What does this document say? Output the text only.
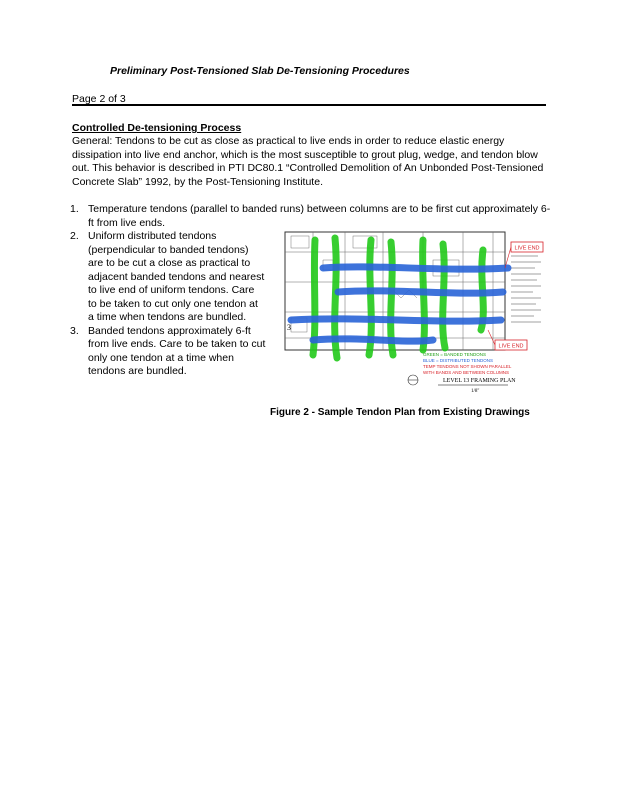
Preliminary Post-Tensioned Slab De-Tensioning Procedures
Page 2 of 3
Controlled De-tensioning Process
General: Tendons to be cut as close as practical to live ends in order to reduce elastic energy dissipation into live end anchor, which is the most susceptible to grout plug, wedge, and tendon blow out. This behavior is described in PTI DC80.1 “Controlled Demolition of An Unbonded Post-Tensioned Concrete Slab” 1992, by the Post-Tensioning Institute.
1. Temperature tendons (parallel to banded runs) between columns are to be first cut approximately 6-
ft from live ends.
2. Uniform distributed tendons
(perpendicular to banded tendons)
are to be cut a close as practical to
adjacent banded tendons and nearest
to live end of uniform tendons. Care
to be taken to cut only one tendon at
a time when tendons are bundled.
3. Banded tendons approximately 6-ft
from live ends. Care to be taken to cut
only one tendon at a time when
tendons are bundled.
LIVE END
LIVE END
3
GREEN = BANDED TENDONS
BLUE = DISTRIBUTED TENDONS
TEMP TENDONS NOT SHOWN PARALLEL
WITH BANDS AND BETWEEN COLUMNS
LEVEL 13 FRAMING PLAN
1/8"
Figure 2 - Sample Tendon Plan from Existing Drawings
